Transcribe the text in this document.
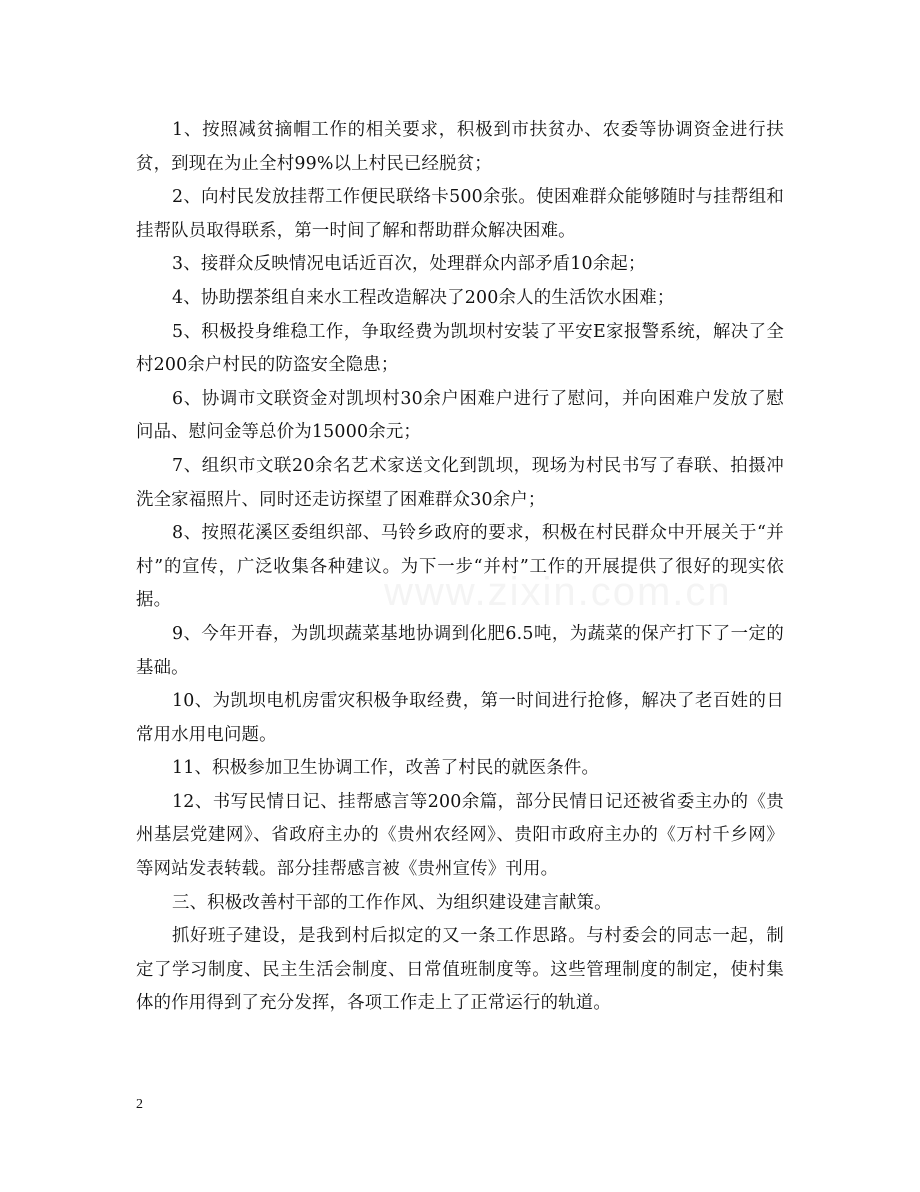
www.zixin.com.cn

1、按照减贫摘帽工作的相关要求，积极到市扶贫办、农委等协调资金进行扶贫，到现在为止全村99%以上村民已经脱贫；

2、向村民发放挂帮工作便民联络卡500余张。使困难群众能够随时与挂帮组和挂帮队员取得联系，第一时间了解和帮助群众解决困难。

3、接群众反映情况电话近百次，处理群众内部矛盾10余起；

4、协助摆茶组自来水工程改造解决了200余人的生活饮水困难；

5、积极投身维稳工作，争取经费为凯坝村安装了平安E家报警系统，解决了全村200余户村民的防盗安全隐患；

6、协调市文联资金对凯坝村30余户困难户进行了慰问，并向困难户发放了慰问品、慰问金等总价为15000余元；

7、组织市文联20余名艺术家送文化到凯坝，现场为村民书写了春联、拍摄冲洗全家福照片、同时还走访探望了困难群众30余户；

8、按照花溪区委组织部、马铃乡政府的要求，积极在村民群众中开展关于“并村”的宣传，广泛收集各种建议。为下一步“并村”工作的开展提供了很好的现实依据。

9、今年开春，为凯坝蔬菜基地协调到化肥6.5吨，为蔬菜的保产打下了一定的基础。

10、为凯坝电机房雷灾积极争取经费，第一时间进行抢修，解决了老百姓的日常用水用电问题。

11、积极参加卫生协调工作，改善了村民的就医条件。

12、书写民情日记、挂帮感言等200余篇，部分民情日记还被省委主办的《贵州基层党建网》、省政府主办的《贵州农经网》、贵阳市政府主办的《万村千乡网》等网站发表转载。部分挂帮感言被《贵州宣传》刊用。

三、积极改善村干部的工作作风、为组织建设建言献策。

抓好班子建设，是我到村后拟定的又一条工作思路。与村委会的同志一起，制定了学习制度、民主生活会制度、日常值班制度等。这些管理制度的制定，使村集体的作用得到了充分发挥，各项工作走上了正常运行的轨道。

2
